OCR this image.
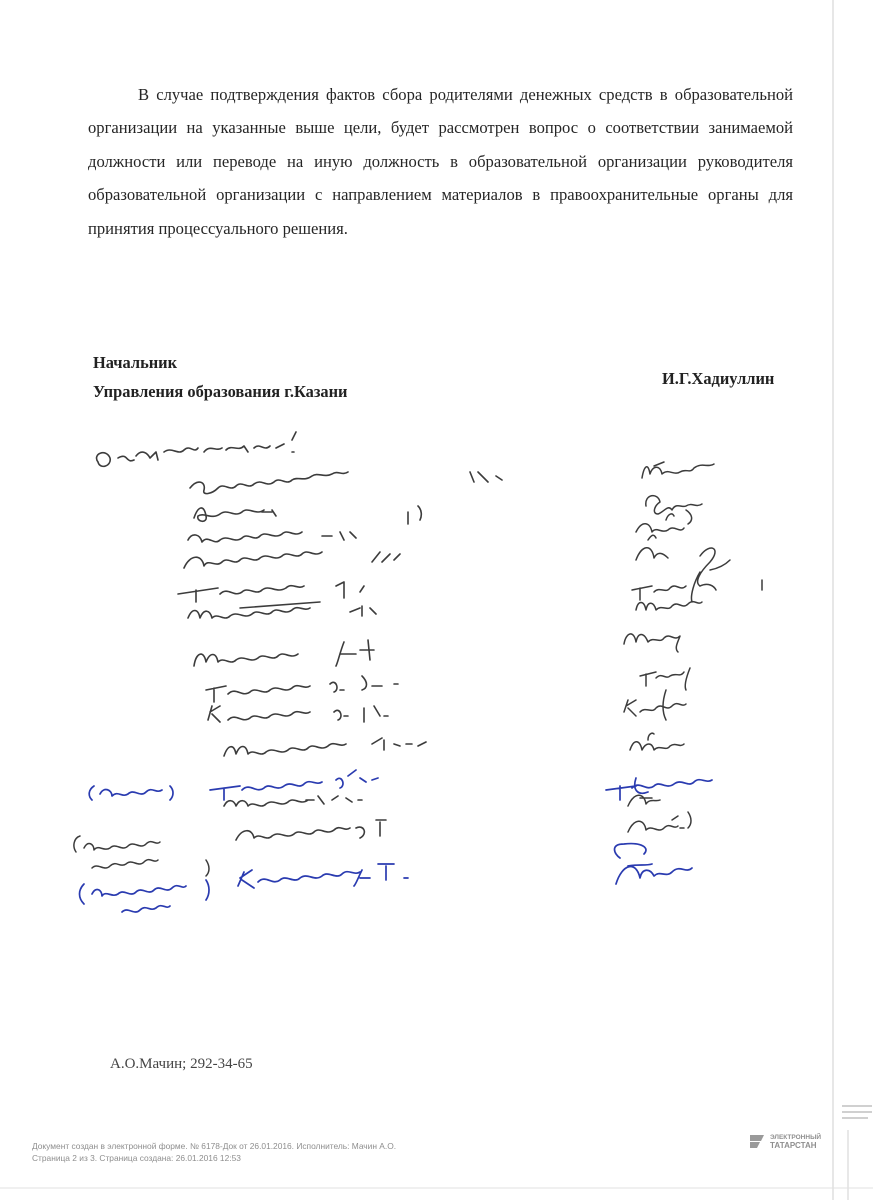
В случае подтверждения фактов сбора родителями денежных средств в образовательной организации на указанные выше цели, будет рассмотрен вопрос о соответствии занимаемой должности или переводе на иную должность в образовательной организации руководителя образовательной организации с направлением материалов в правоохранительные органы для принятия процессуального решения.
Начальник
Управления образования г.Казани
И.Г.Хадиуллин
А.О.Мачин; 292-34-65
Документ создан в электронной форме. № 6178-Док от 26.01.2016. Исполнитель: Мачин А.О.
Страница 2 из 3. Страница создана: 26.01.2016 12:53
ЭЛЕКТРОННЫЙ
ТАТАРСТАН
